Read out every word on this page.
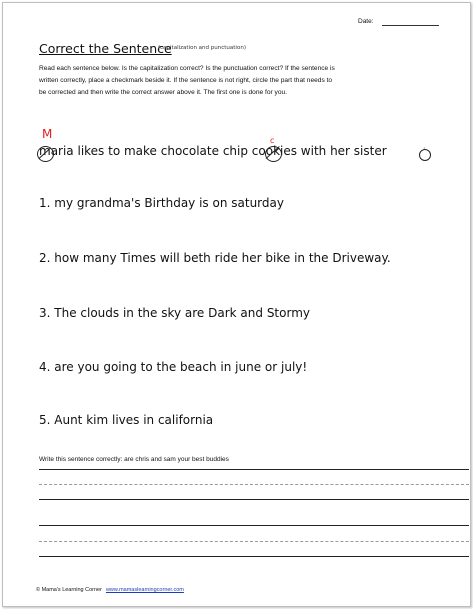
Date:
Correct the Sentence
(capitalization and punctuation)
Read each sentence below. Is the capitalization correct? Is the punctuation correct? If the sentence is
written correctly, place a checkmark beside it. If the sentence is not right, circle the part that needs to
be corrected and then write the correct answer above it. The first one is done for you.
M	c
·
maria likes to make chocolate chip cookies with her sister
1. my grandma's Birthday is on saturday
2. how many Times will beth ride her bike in the Driveway.
3. The clouds in the sky are Dark and Stormy
4. are you going to the beach in june or july!
5. Aunt kim lives in california
Write this sentence correctly: are chris and sam your best buddies
© Mama's Learning Corner www.mamaslearningcorner.com
